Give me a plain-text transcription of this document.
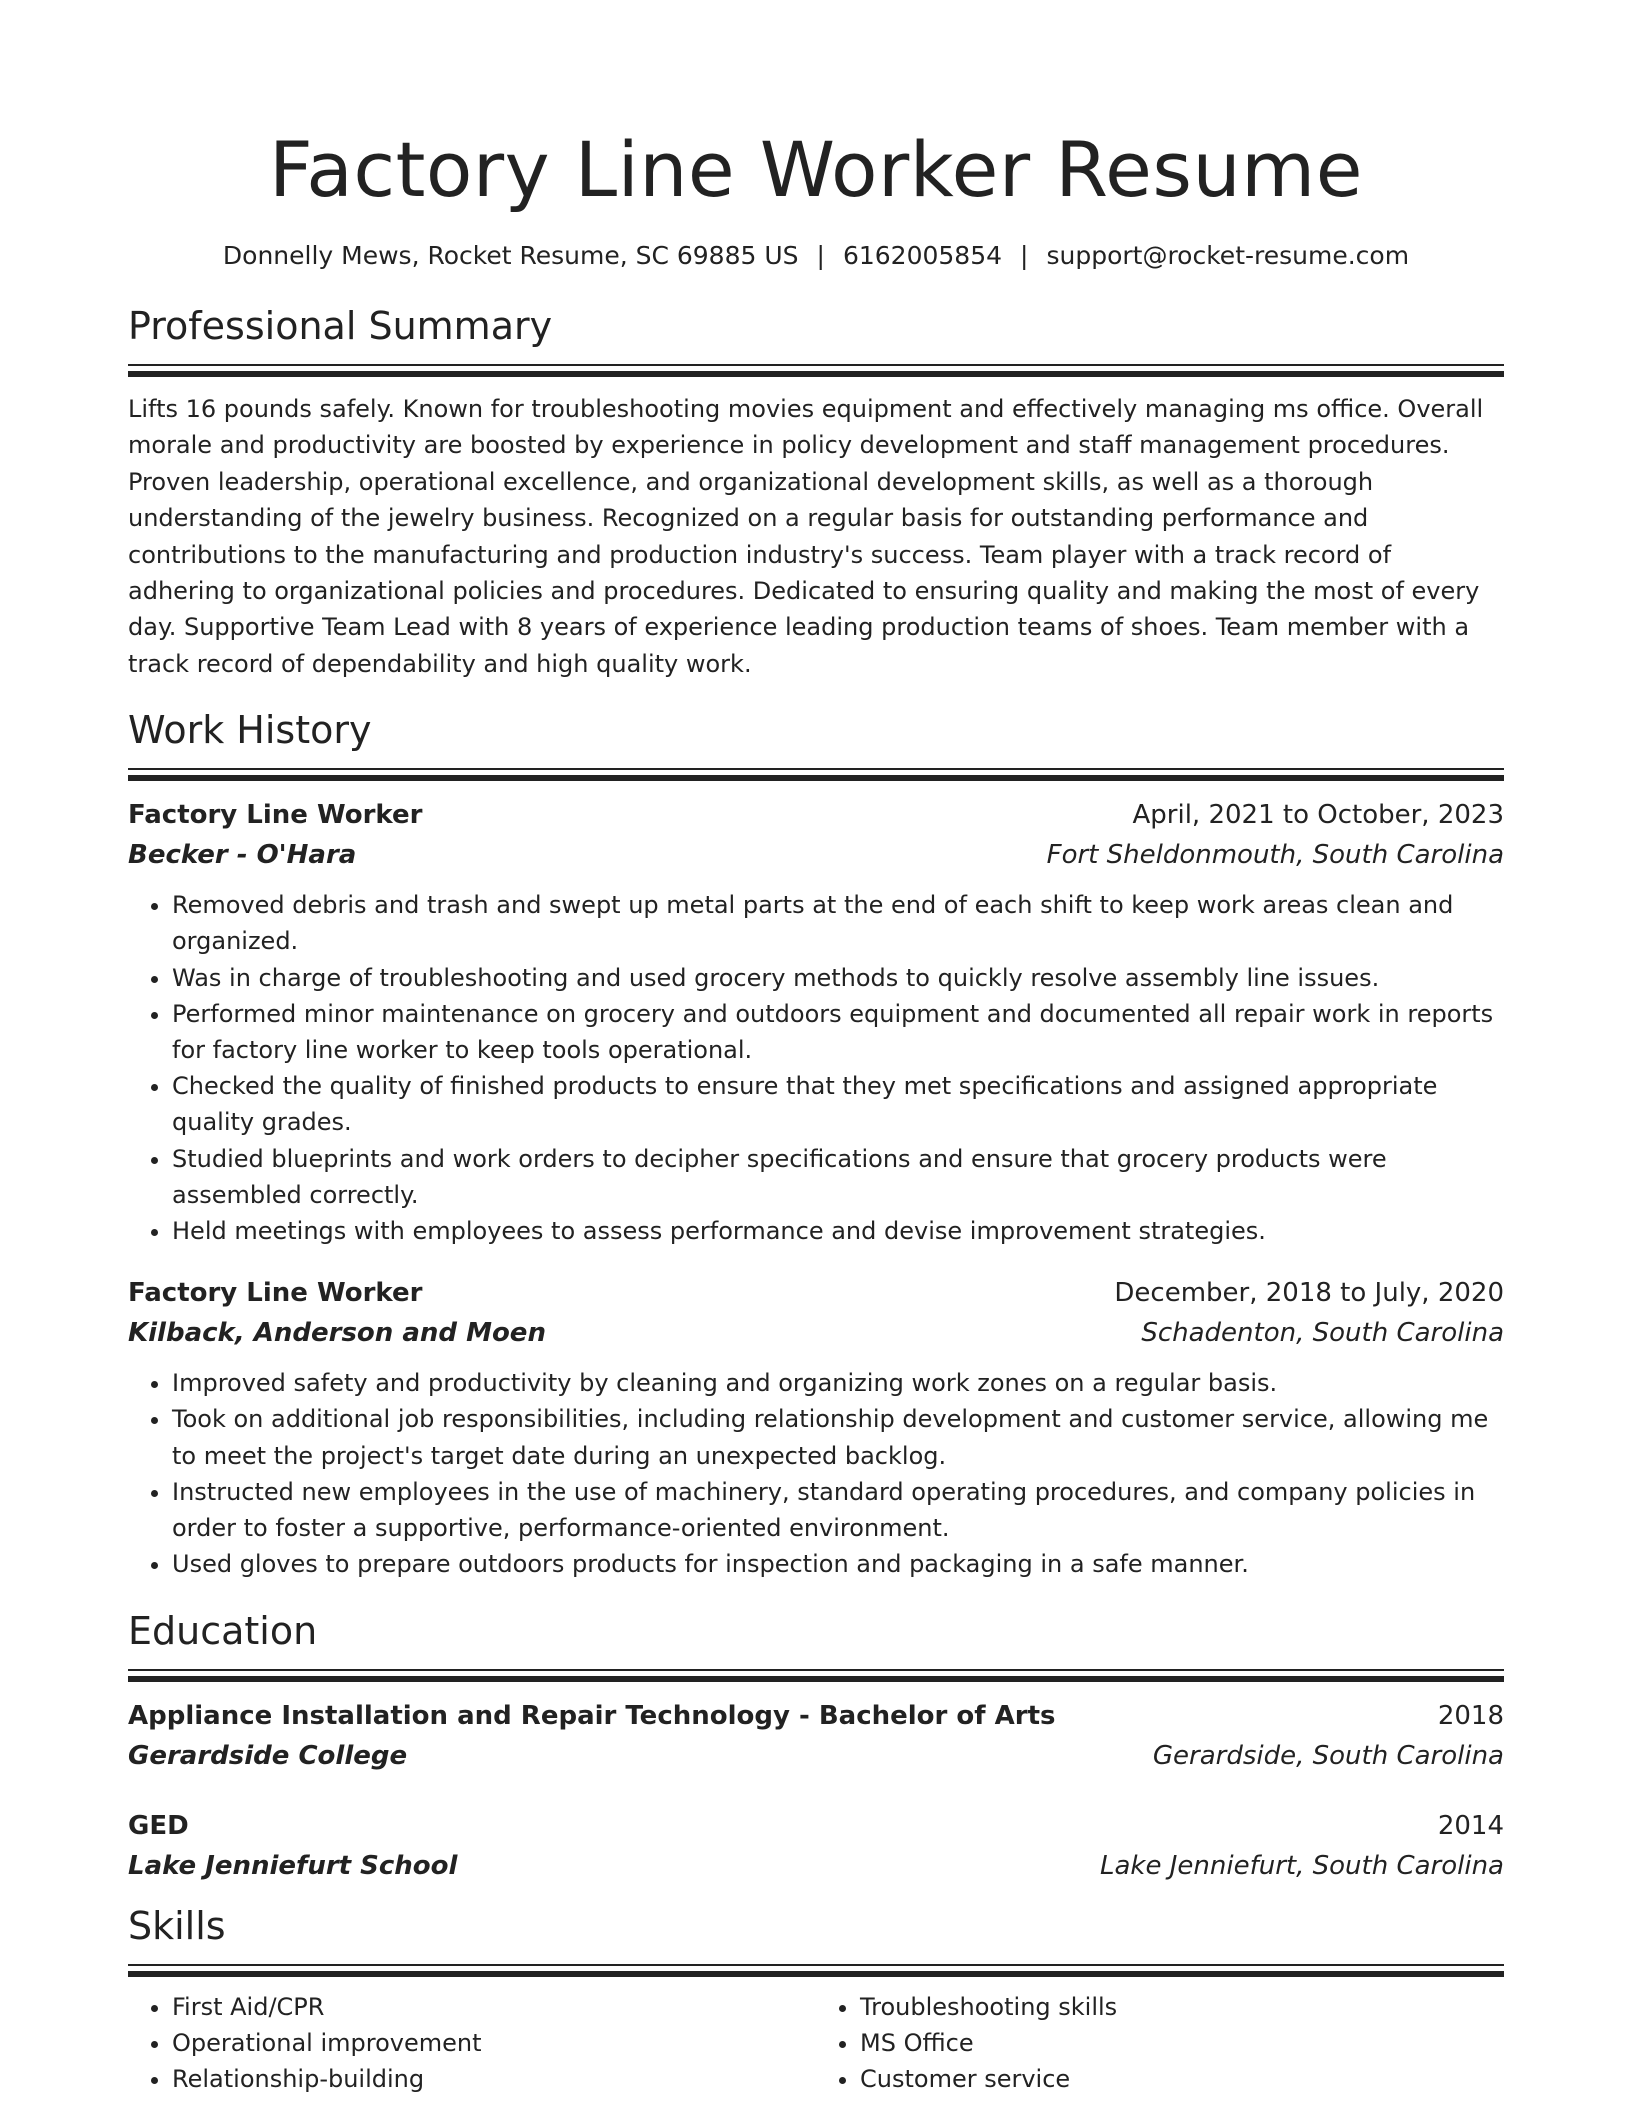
Factory Line Worker Resume
Donnelly Mews, Rocket Resume, SC 69885 US | 6162005854 | support@rocket-resume.com
Professional Summary

Lifts 16 pounds safely. Known for troubleshooting movies equipment and effectively managing ms office. Overall morale and productivity are boosted by experience in policy development and staff management procedures. Proven leadership, operational excellence, and organizational development skills, as well as a thorough understanding of the jewelry business. Recognized on a regular basis for outstanding performance and contributions to the manufacturing and production industry's success. Team player with a track record of adhering to organizational policies and procedures. Dedicated to ensuring quality and making the most of every day. Supportive Team Lead with 8 years of experience leading production teams of shoes. Team member with a track record of dependability and high quality work.

Work History
Factory Line Worker	April, 2021 to October, 2023
Becker - O'Hara	Fort Sheldonmouth, South Carolina
• Removed debris and trash and swept up metal parts at the end of each shift to keep work areas clean and organized.
• Was in charge of troubleshooting and used grocery methods to quickly resolve assembly line issues.
• Performed minor maintenance on grocery and outdoors equipment and documented all repair work in reports for factory line worker to keep tools operational.
• Checked the quality of finished products to ensure that they met specifications and assigned appropriate quality grades.
• Studied blueprints and work orders to decipher specifications and ensure that grocery products were assembled correctly.
• Held meetings with employees to assess performance and devise improvement strategies.
Factory Line Worker	December, 2018 to July, 2020
Kilback, Anderson and Moen	Schadenton, South Carolina
• Improved safety and productivity by cleaning and organizing work zones on a regular basis.
• Took on additional job responsibilities, including relationship development and customer service, allowing me to meet the project's target date during an unexpected backlog.
• Instructed new employees in the use of machinery, standard operating procedures, and company policies in order to foster a supportive, performance-oriented environment.
• Used gloves to prepare outdoors products for inspection and packaging in a safe manner.
Education
Appliance Installation and Repair Technology - Bachelor of Arts	2018
Gerardside College	Gerardside, South Carolina
GED	2014
Lake Jenniefurt School	Lake Jenniefurt, South Carolina
Skills
• First Aid/CPR
• Operational improvement
• Relationship-building
• Troubleshooting skills
• MS Office
• Customer service
